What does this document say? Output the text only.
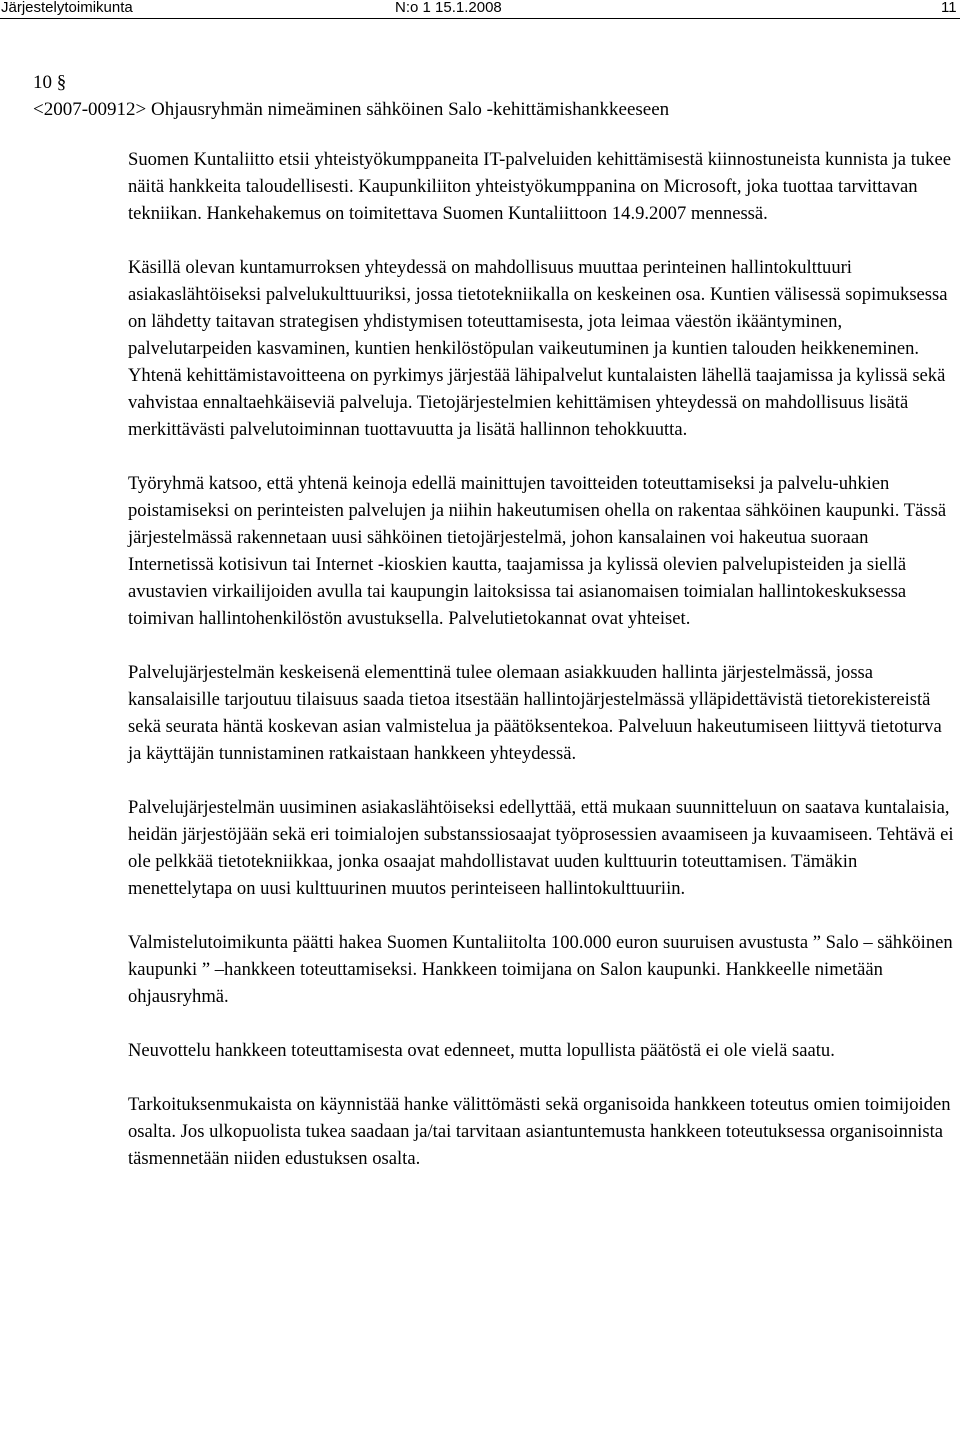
Järjestelytoimikunta	N:o 1 15.1.2008	11
10 §
<2007-00912> Ohjausryhmän nimeäminen sähköinen Salo -kehittämishankkeeseen

Suomen Kuntaliitto etsii yhteistyökumppaneita IT-palveluiden kehittämisestä kiinnostuneista kunnista ja tukee näitä hankkeita taloudellisesti. Kaupunkiliiton yhteistyökumppanina on Microsoft, joka tuottaa tarvittavan tekniikan. Hankehakemus on toimitettava Suomen Kuntaliittoon 14.9.2007 mennessä.

Käsillä olevan kuntamurroksen yhteydessä on mahdollisuus muuttaa perinteinen hallintokulttuuri asiakaslähtöiseksi palvelukulttuuriksi, jossa tietotekniikalla on keskeinen osa. Kuntien välisessä sopimuksessa on lähdetty taitavan strategisen yhdistymisen toteuttamisesta, jota leimaa väestön ikääntyminen, palvelutarpeiden kasvaminen, kuntien henkilöstöpulan vaikeutuminen ja kuntien talouden heikkeneminen. Yhtenä kehittämistavoitteena on pyrkimys järjestää lähipalvelut kuntalaisten lähellä taajamissa ja kylissä sekä vahvistaa ennaltaehkäiseviä palveluja. Tietojärjestelmien kehittämisen yhteydessä on mahdollisuus lisätä merkittävästi palvelutoiminnan tuottavuutta ja lisätä hallinnon tehokkuutta.

Työryhmä katsoo, että yhtenä keinoja edellä mainittujen tavoitteiden toteuttamiseksi ja palvelu-uhkien poistamiseksi on perinteisten palvelujen ja niihin hakeutumisen ohella on rakentaa sähköinen kaupunki. Tässä järjestelmässä rakennetaan uusi sähköinen tietojärjestelmä, johon kansalainen voi hakeutua suoraan Internetissä kotisivun tai Internet -kioskien kautta, taajamissa ja kylissä olevien palvelupisteiden ja siellä avustavien virkailijoiden avulla tai kaupungin laitoksissa tai asianomaisen toimialan hallintokeskuksessa toimivan hallintohenkilöstön avustuksella. Palvelutietokannat ovat yhteiset.

Palvelujärjestelmän keskeisenä elementtinä tulee olemaan asiakkuuden hallinta järjestelmässä, jossa kansalaisille tarjoutuu tilaisuus saada tietoa itsestään hallintojärjestelmässä ylläpidettävistä tietorekistereistä sekä seurata häntä koskevan asian valmistelua ja päätöksentekoa. Palveluun hakeutumiseen liittyvä tietoturva ja käyttäjän tunnistaminen ratkaistaan hankkeen yhteydessä.

Palvelujärjestelmän uusiminen asiakaslähtöiseksi edellyttää, että mukaan suunnitteluun on saatava kuntalaisia, heidän järjestöjään sekä eri toimialojen substanssiosaajat työprosessien avaamiseen ja kuvaamiseen. Tehtävä ei ole pelkkää tietotekniikkaa, jonka osaajat mahdollistavat uuden kulttuurin toteuttamisen. Tämäkin menettelytapa on uusi kulttuurinen muutos perinteiseen hallintokulttuuriin.

Valmistelutoimikunta päätti hakea Suomen Kuntaliitolta 100.000 euron suuruisen avustusta ” Salo – sähköinen kaupunki ” –hankkeen toteuttamiseksi. Hankkeen toimijana on Salon kaupunki. Hankkeelle nimetään ohjausryhmä.

Neuvottelu hankkeen toteuttamisesta ovat edenneet, mutta lopullista päätöstä ei ole vielä saatu.

Tarkoituksenmukaista on käynnistää hanke välittömästi sekä organisoida hankkeen toteutus omien toimijoiden osalta. Jos ulkopuolista tukea saadaan ja/tai tarvitaan asiantuntemusta hankkeen toteutuksessa organisoinnista täsmennetään niiden edustuksen osalta.
